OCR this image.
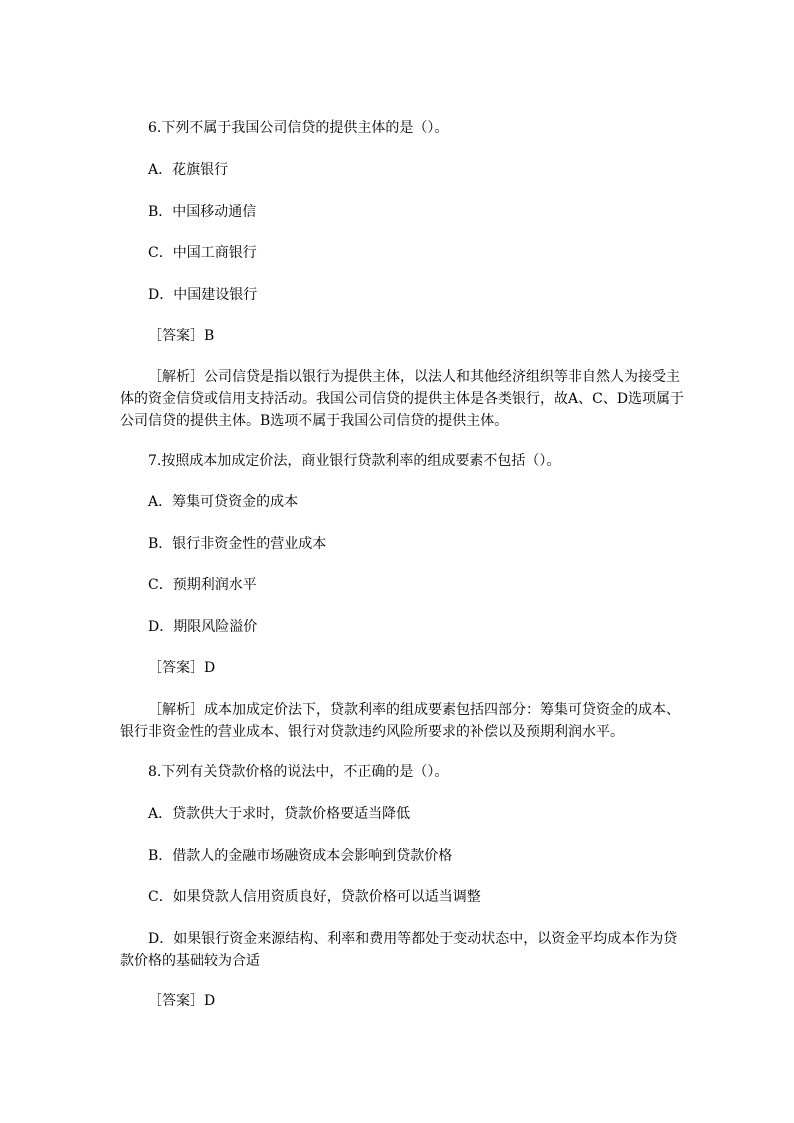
6.下列不属于我国公司信贷的提供主体的是（）。
A．花旗银行
B．中国移动通信
C．中国工商银行
D．中国建设银行
［答案］B
［解析］公司信贷是指以银行为提供主体，以法人和其他经济组织等非自然人为接受主体的资金信贷或信用支持活动。我国公司信贷的提供主体是各类银行，故A、C、D选项属于公司信贷的提供主体。B选项不属于我国公司信贷的提供主体。
7.按照成本加成定价法，商业银行贷款利率的组成要素不包括（）。
A．筹集可贷资金的成本
B．银行非资金性的营业成本
C．预期利润水平
D．期限风险溢价
［答案］D
［解析］成本加成定价法下，贷款利率的组成要素包括四部分：筹集可贷资金的成本、银行非资金性的营业成本、银行对贷款违约风险所要求的补偿以及预期利润水平。
8.下列有关贷款价格的说法中，不正确的是（）。
A．贷款供大于求时，贷款价格要适当降低
B．借款人的金融市场融资成本会影响到贷款价格
C．如果贷款人信用资质良好，贷款价格可以适当调整
D．如果银行资金来源结构、利率和费用等都处于变动状态中，以资金平均成本作为贷款价格的基础较为合适
［答案］D
